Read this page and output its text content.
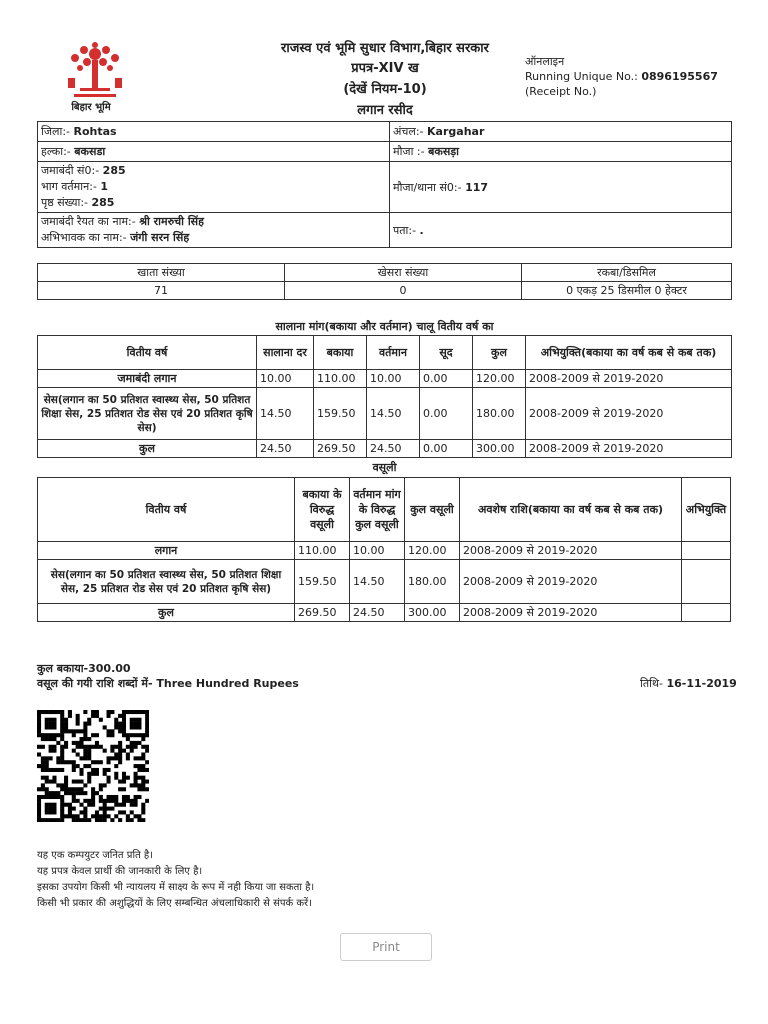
बिहार भूमि
राजस्व एवं भूमि सुधार विभाग,बिहार सरकार
प्रपत्र-XIV ख
(देखें नियम-10)
लगान रसीद
ऑनलाइन
Running Unique No.: 0896195567
(Receipt No.)
जिला:- Rohtas	अंचल:- Kargahar
हल्का:- बकसडा	मौजा :- बकसड़ा

जमाबंदी सं0:- 285
भाग वर्तमान:- 1
पृष्ठ संख्या:- 285	मौजा/थाना सं0:- 117

जमाबंदी रैयत का नाम:- श्री रामरुची सिंह
अभिभावक का नाम:- जंगी सरन सिंह	पता:- .
खाता संख्या	खेसरा संख्या	रकबा/डिसमिल
71	0	0 एकड़ 25 डिसमील 0 हेक्टर
सालाना मांग(बकाया और वर्तमान) चालू वितीय वर्ष का
वितीय वर्ष	सालाना दर	बकाया	वर्तमान	सूद	कुल	अभियुक्ति(बकाया का वर्ष कब से कब तक)
जमाबंदी लगान	10.00	110.00	10.00	0.00	120.00	2008-2009 से 2019-2020
सेस(लगान का 50 प्रतिशत स्वास्थ्य सेस, 50 प्रतिशत शिक्षा सेस, 25 प्रतिशत रोड सेस एवं 20 प्रतिशत कृषि सेस)	14.50	159.50	14.50	0.00	180.00	2008-2009 से 2019-2020
कुल	24.50	269.50	24.50	0.00	300.00	2008-2009 से 2019-2020
वसूली
वितीय वर्ष	बकाया के विरुद्ध वसूली	वर्तमान मांग के विरुद्ध कुल वसूली	कुल वसूली	अवशेष राशि(बकाया का वर्ष कब से कब तक)	अभियुक्ति
लगान	110.00	10.00	120.00	2008-2009 से 2019-2020	
सेस(लगान का 50 प्रतिशत स्वास्थ्य सेस, 50 प्रतिशत शिक्षा सेस, 25 प्रतिशत रोड सेस एवं 20 प्रतिशत कृषि सेस)	159.50	14.50	180.00	2008-2009 से 2019-2020	
कुल	269.50	24.50	300.00	2008-2009 से 2019-2020	
कुल बकाया-300.00
वसूल की गयी राशि शब्दों में- Three Hundred Rupees	तिथि- 16-11-2019
यह एक कम्पयुटर जनित प्रति है।
यह प्रपत्र केवल प्रार्थी की जानकारी के लिए है।
इसका उपयोग किसी भी न्यायलय में साक्ष्य के रूप में नही किया जा सकता है।
किसी भी प्रकार की अशुद्धियों के लिए सम्बन्धित अंचलाधिकारी से संपर्क करें।
Print
